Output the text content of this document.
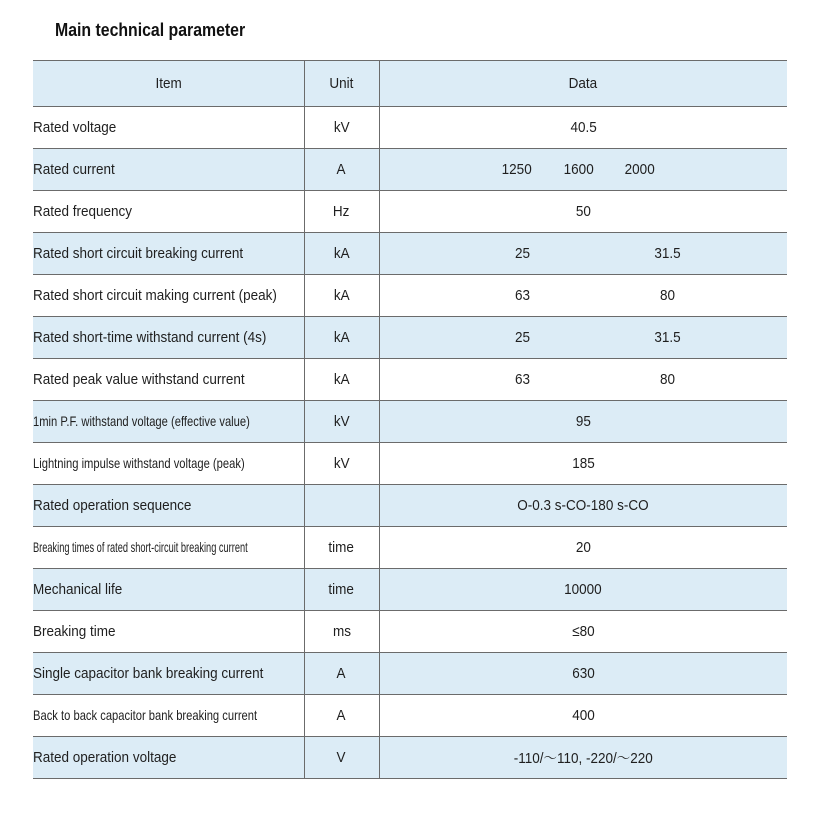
Main technical parameter
Item	Unit	Data
Rated voltage	kV	40.5
Rated current	A	1250 1600 2000

Rated frequency	Hz	50
Rated short circuit breaking current	kA	25 31.5

Rated short circuit making current (peak)	kA	63 80

Rated short-time withstand current (4s)	kA	25 31.5

Rated peak value withstand current	kA	63 80

1min P.F. withstand voltage (effective value)	kV	95
Lightning impulse withstand voltage (peak)	kV	185
Rated operation sequence		O-0.3 s-CO-180 s-CO
Breaking times of rated short-circuit breaking current	time	20
Mechanical life	time	10000
Breaking time	ms	≤80
Single capacitor bank breaking current	A	630
Back to back capacitor bank breaking current	A	400
Rated operation voltage	V	-110/～110, -220/～220
